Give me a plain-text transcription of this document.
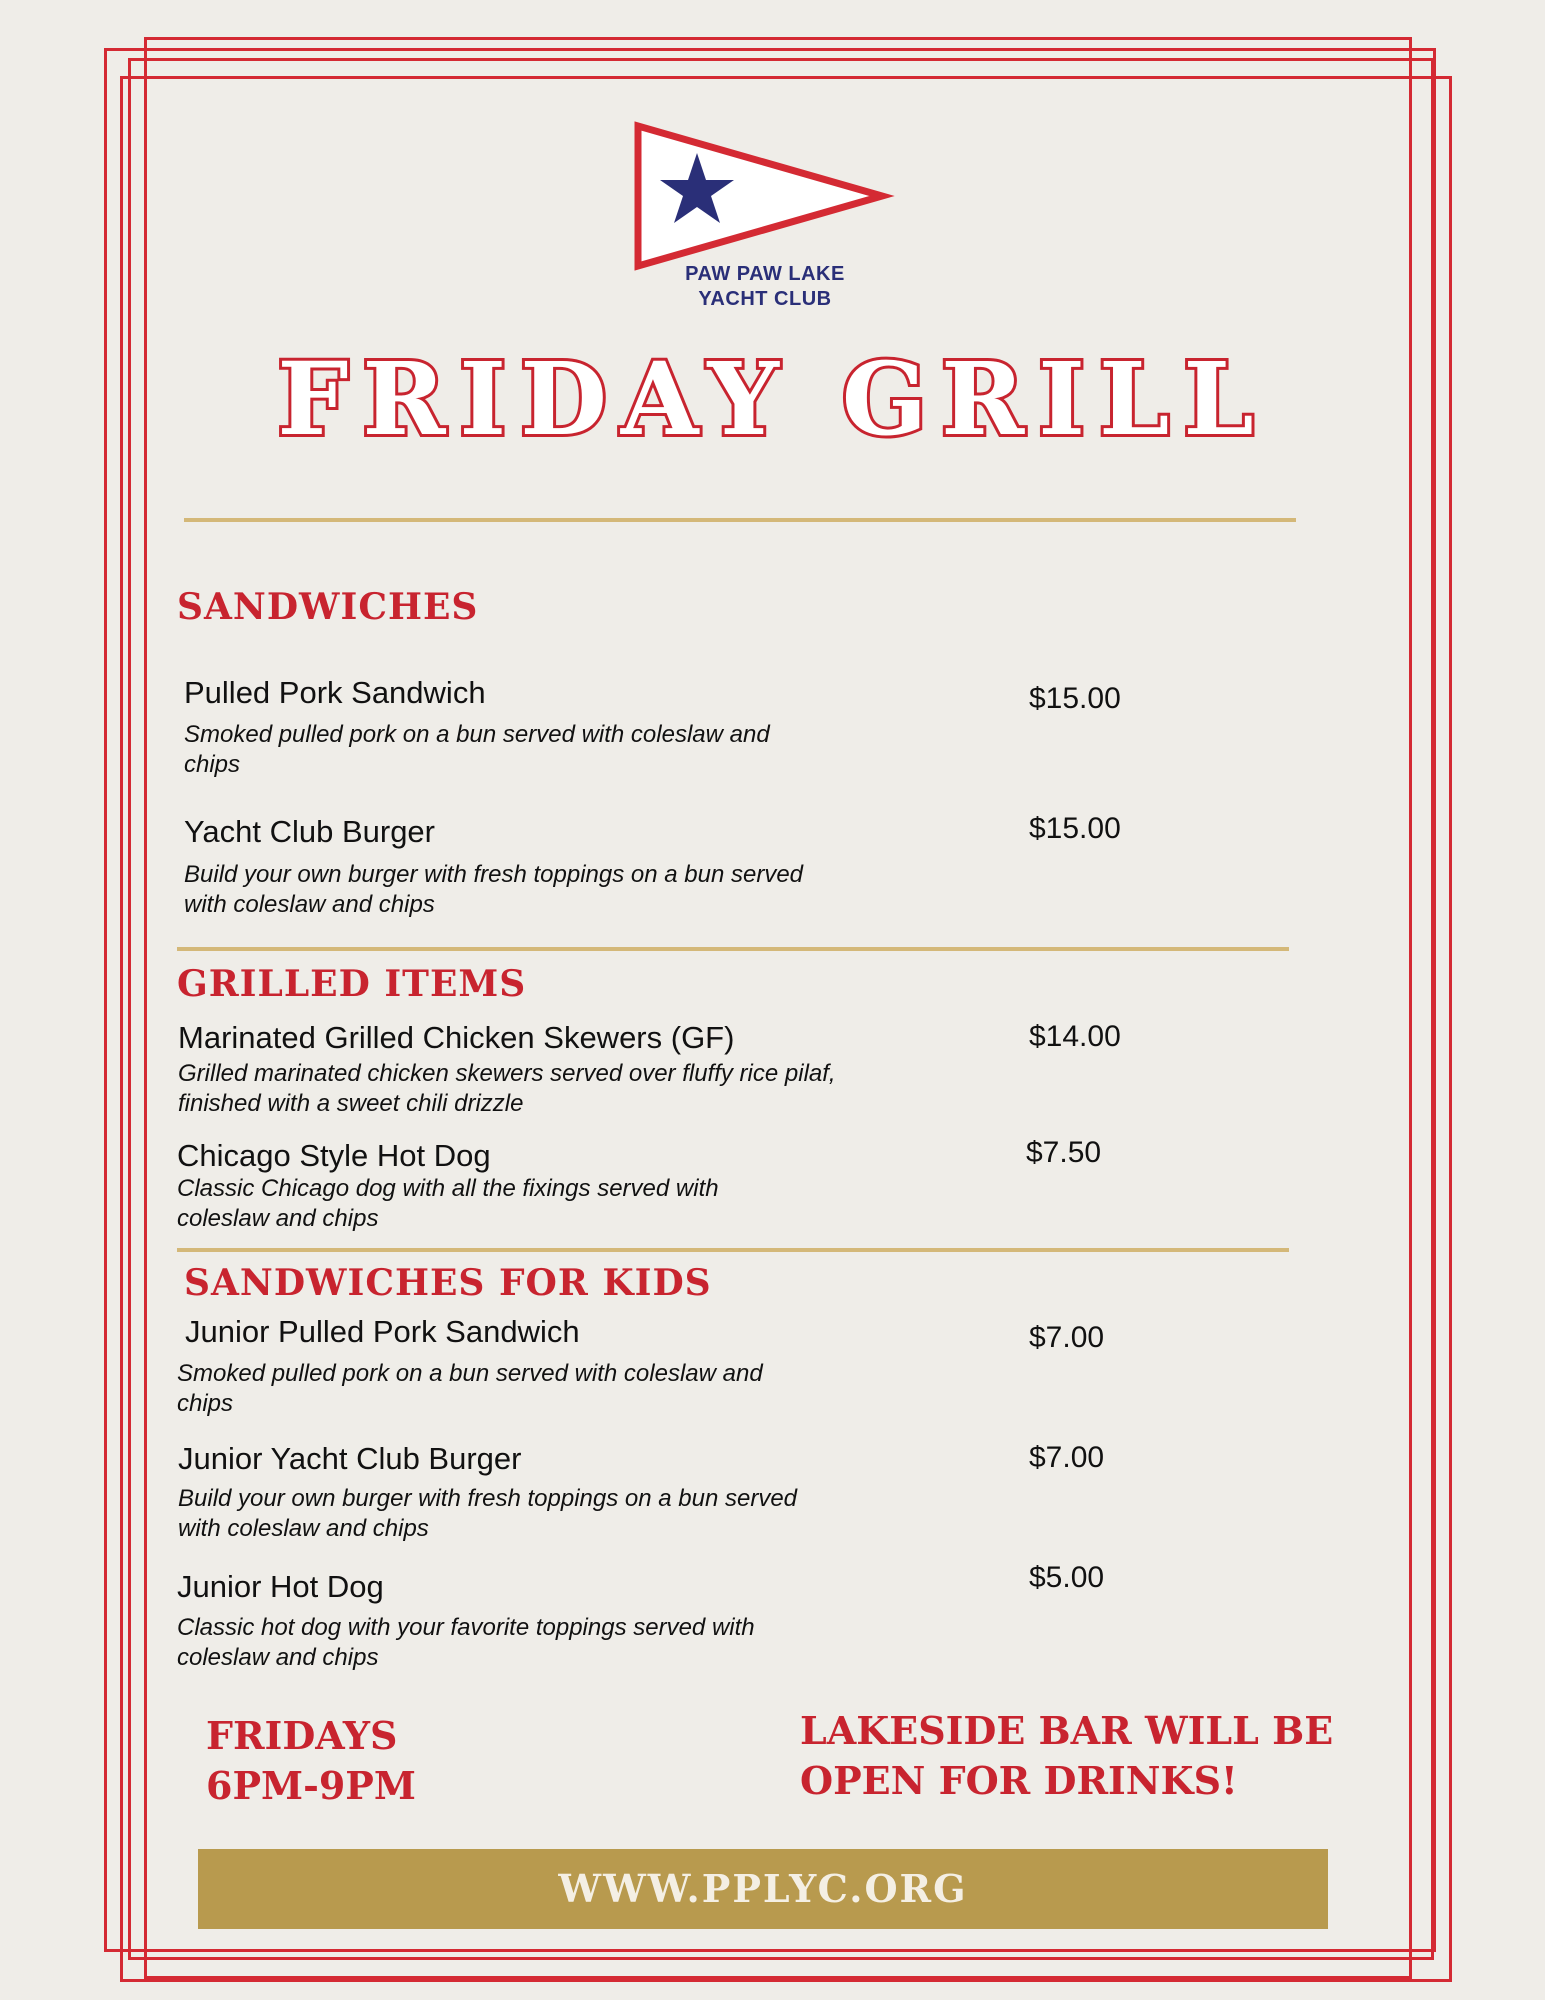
PAW PAW LAKE
YACHT CLUB
FRIDAY GRILL
SANDWICHES
Pulled Pork Sandwich	$15.00
Smoked pulled pork on a bun served with coleslaw and
chips
Yacht Club Burger	$15.00
Build your own burger with fresh toppings on a bun served
with coleslaw and chips
GRILLED ITEMS
Marinated Grilled Chicken Skewers (GF)	$14.00
Grilled marinated chicken skewers served over fluffy rice pilaf,
finished with a sweet chili drizzle
Chicago Style Hot Dog	$7.50
Classic Chicago dog with all the fixings served with
coleslaw and chips
SANDWICHES FOR KIDS
Junior Pulled Pork Sandwich	$7.00
Smoked pulled pork on a bun served with coleslaw and
chips
Junior Yacht Club Burger	$7.00
Build your own burger with fresh toppings on a bun served
with coleslaw and chips
Junior Hot Dog	$5.00
Classic hot dog with your favorite toppings served with
coleslaw and chips
FRIDAYS
6PM-9PM
LAKESIDE BAR WILL BE
OPEN FOR DRINKS!
WWW.PPLYC.ORG
